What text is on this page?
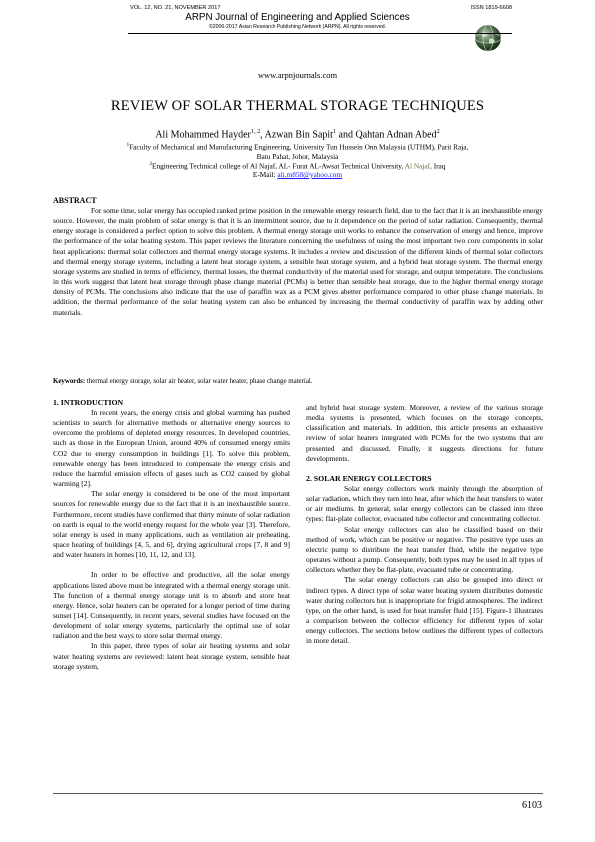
VOL. 12, NO. 21, NOVEMBER 2017	ISSN 1819-6608
ARPN Journal of Engineering and Applied Sciences
©2006-2017 Asian Research Publishing Network (ARPN). All rights reserved.
www.arpnjournals.com
REVIEW OF SOLAR THERMAL STORAGE TECHNIQUES
Ali Mohammed Hayder$^{1, 2}$, Azwan Bin Sapit$^1$ and Qahtan Adnan Abed$^2$
$^1$Faculty of Mechanical and Manufacturing Engineering, University Tun Hussein Onn Malaysia (UTHM), Parit Raja,
Batu Pahat, Johor, Malaysia
$^2$Engineering Technical college of Al Najaf, AL- Furat AL-Awsat Technical University, Al Najaf, Iraq
E-Mail: ali.m858@yahoo.com
ABSTRACT

For some time, solar energy has occupied ranked prime position in the renewable energy research field, due to the fact that it is an inexhaustible energy source. However, the main problem of solar energy is that it is an intermittent source, due to it dependence on the period of solar radiation. Consequently, thermal energy storage is considered a perfect option to solve this problem. A thermal energy storage unit works to enhance the conservation of energy and hence, improve the performance of the solar heating system. This paper reviews the literature concerning the usefulness of using the most important two core components in solar heat applications: thermal solar collectors and thermal energy storage systems. It includes a review and discussion of the different kinds of thermal solar collectors and thermal energy storage systems, including a latent heat storage system, a sensible heat storage system, and a hybrid heat storage system. The thermal energy storage systems are studied in terms of efficiency, thermal losses, the thermal conductivity of the material used for storage, and output temperature. The conclusions in this work suggest that latent heat storage through phase change material (PCMs) is better than sensible heat storage, due to the higher thermal energy storage density of PCMs. The conclusions also indicate that the use of paraffin wax as a PCM gives abetter performance compared to other phase change materials. In addition, the thermal performance of the solar heating system can also be enhanced by increasing the thermal conductivity of paraffin wax by adding other materials.

Keywords: thermal energy storage, solar air heater, solar water heater, phase change material.
1. INTRODUCTION

In recent years, the energy crisis and global warming has pushed scientists to search for alternative methods or alternative energy sources to overcome the problems of depleted energy resources. In developed countries, such as those in the European Union, around 40% of consumed energy emits CO2 due to energy consumption in buildings [1]. To solve this problem, renewable energy has been introduced to compensate the energy crisis and reduce the harmful emission effects of gases such as CO2 caused by global warming [2].

The solar energy is considered to be one of the most important sources for renewable energy due to the fact that it is an inexhaustible source. Furthermore, recent studies have confirmed that thirty minute of solar radiation on earth is equal to the world energy request for the whole year [3]. Therefore, solar energy is used in many applications, such as ventilation air preheating, space heating of buildings [4, 5, and 6], drying agricultural crops [7, 8 and 9] and water heaters in homes [10, 11, 12, and 13].

In order to be effective and productive, all the solar energy applications listed above must be integrated with a thermal energy storage unit. The function of a thermal energy storage unit is to absorb and store heat energy. Hence, solar heaters can be operated for a longer period of time during sunset [14]. Consequently, in recent years, several studies have focused on the development of solar energy systems, particularly the optimal use of solar radiation and the best ways to store solar thermal energy.

In this paper, three types of solar air heating systems and solar water heating systems are reviewed: latent heat storage system, sensible heat storage system,

and hybrid heat storage system. Moreover, a review of the various storage media systems is presented, which focuses on the storage concepts, classification and materials. In addition, this article presents an exhaustive review of solar heaters integrated with PCMs for the two systems that are presented and discussed. Finally, it suggests directions for future developments.

2. SOLAR ENERGY COLLECTORS

Solar energy collectors work mainly through the absorption of solar radiation, which they turn into heat, after which the heat transfers to water or air mediums. In general, solar energy collectors can be classed into three types: flat-plate collector, evacuated tube collector and concentrating collector.

Solar energy collectors can also be classified based on their method of work, which can be positive or negative. The positive type uses an electric pump to distribute the heat transfer fluid, while the negative type operates without a pump. Consequently, both types may be used in all types of collectors whether they be flat-plate, evacuated tube or concentrating.

The solar energy collectors can also be grouped into direct or indirect types. A direct type of solar water heating system distributes domestic water during collectors but is inappropriate for frigid atmospheres. The indirect type, on the other hand, is used for heat transfer fluid [15]. Figure-1 illustrates a comparison between the collector efficiency for different types of solar energy collectors. The sections below outlines the different types of collectors in more detail.

6103
